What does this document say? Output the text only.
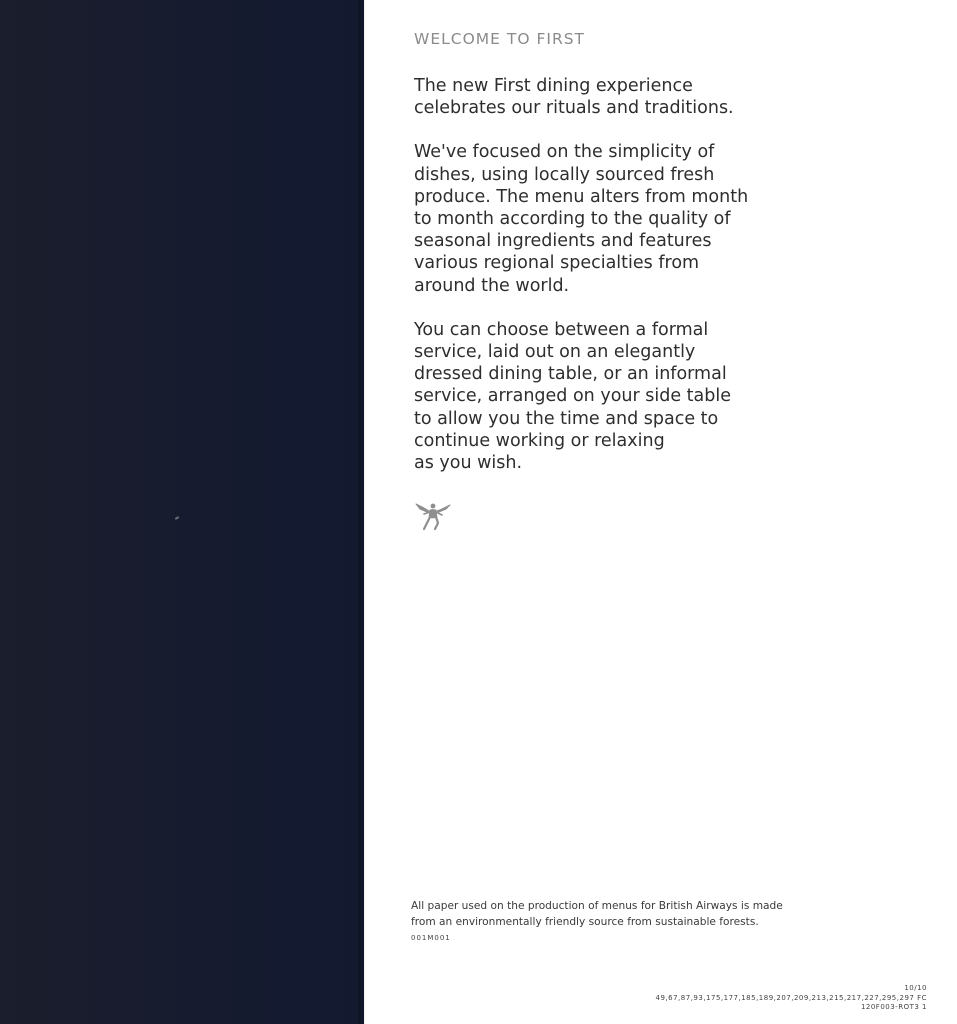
WELCOME TO FIRST
The new First dining experience
celebrates our rituals and traditions.
We've focused on the simplicity of
dishes, using locally sourced fresh
produce. The menu alters from month
to month according to the quality of
seasonal ingredients and features
various regional specialties from
around the world.
You can choose between a formal
service, laid out on an elegantly
dressed dining table, or an informal
service, arranged on your side table
to allow you the time and space to
continue working or relaxing
as you wish.
All paper used on the production of menus for British Airways is made
from an environmentally friendly source from sustainable forests.
001M001
10/10
49,67,87,93,175,177,185,189,207,209,213,215,217,227,295,297 FC
120F003-ROT3 1
